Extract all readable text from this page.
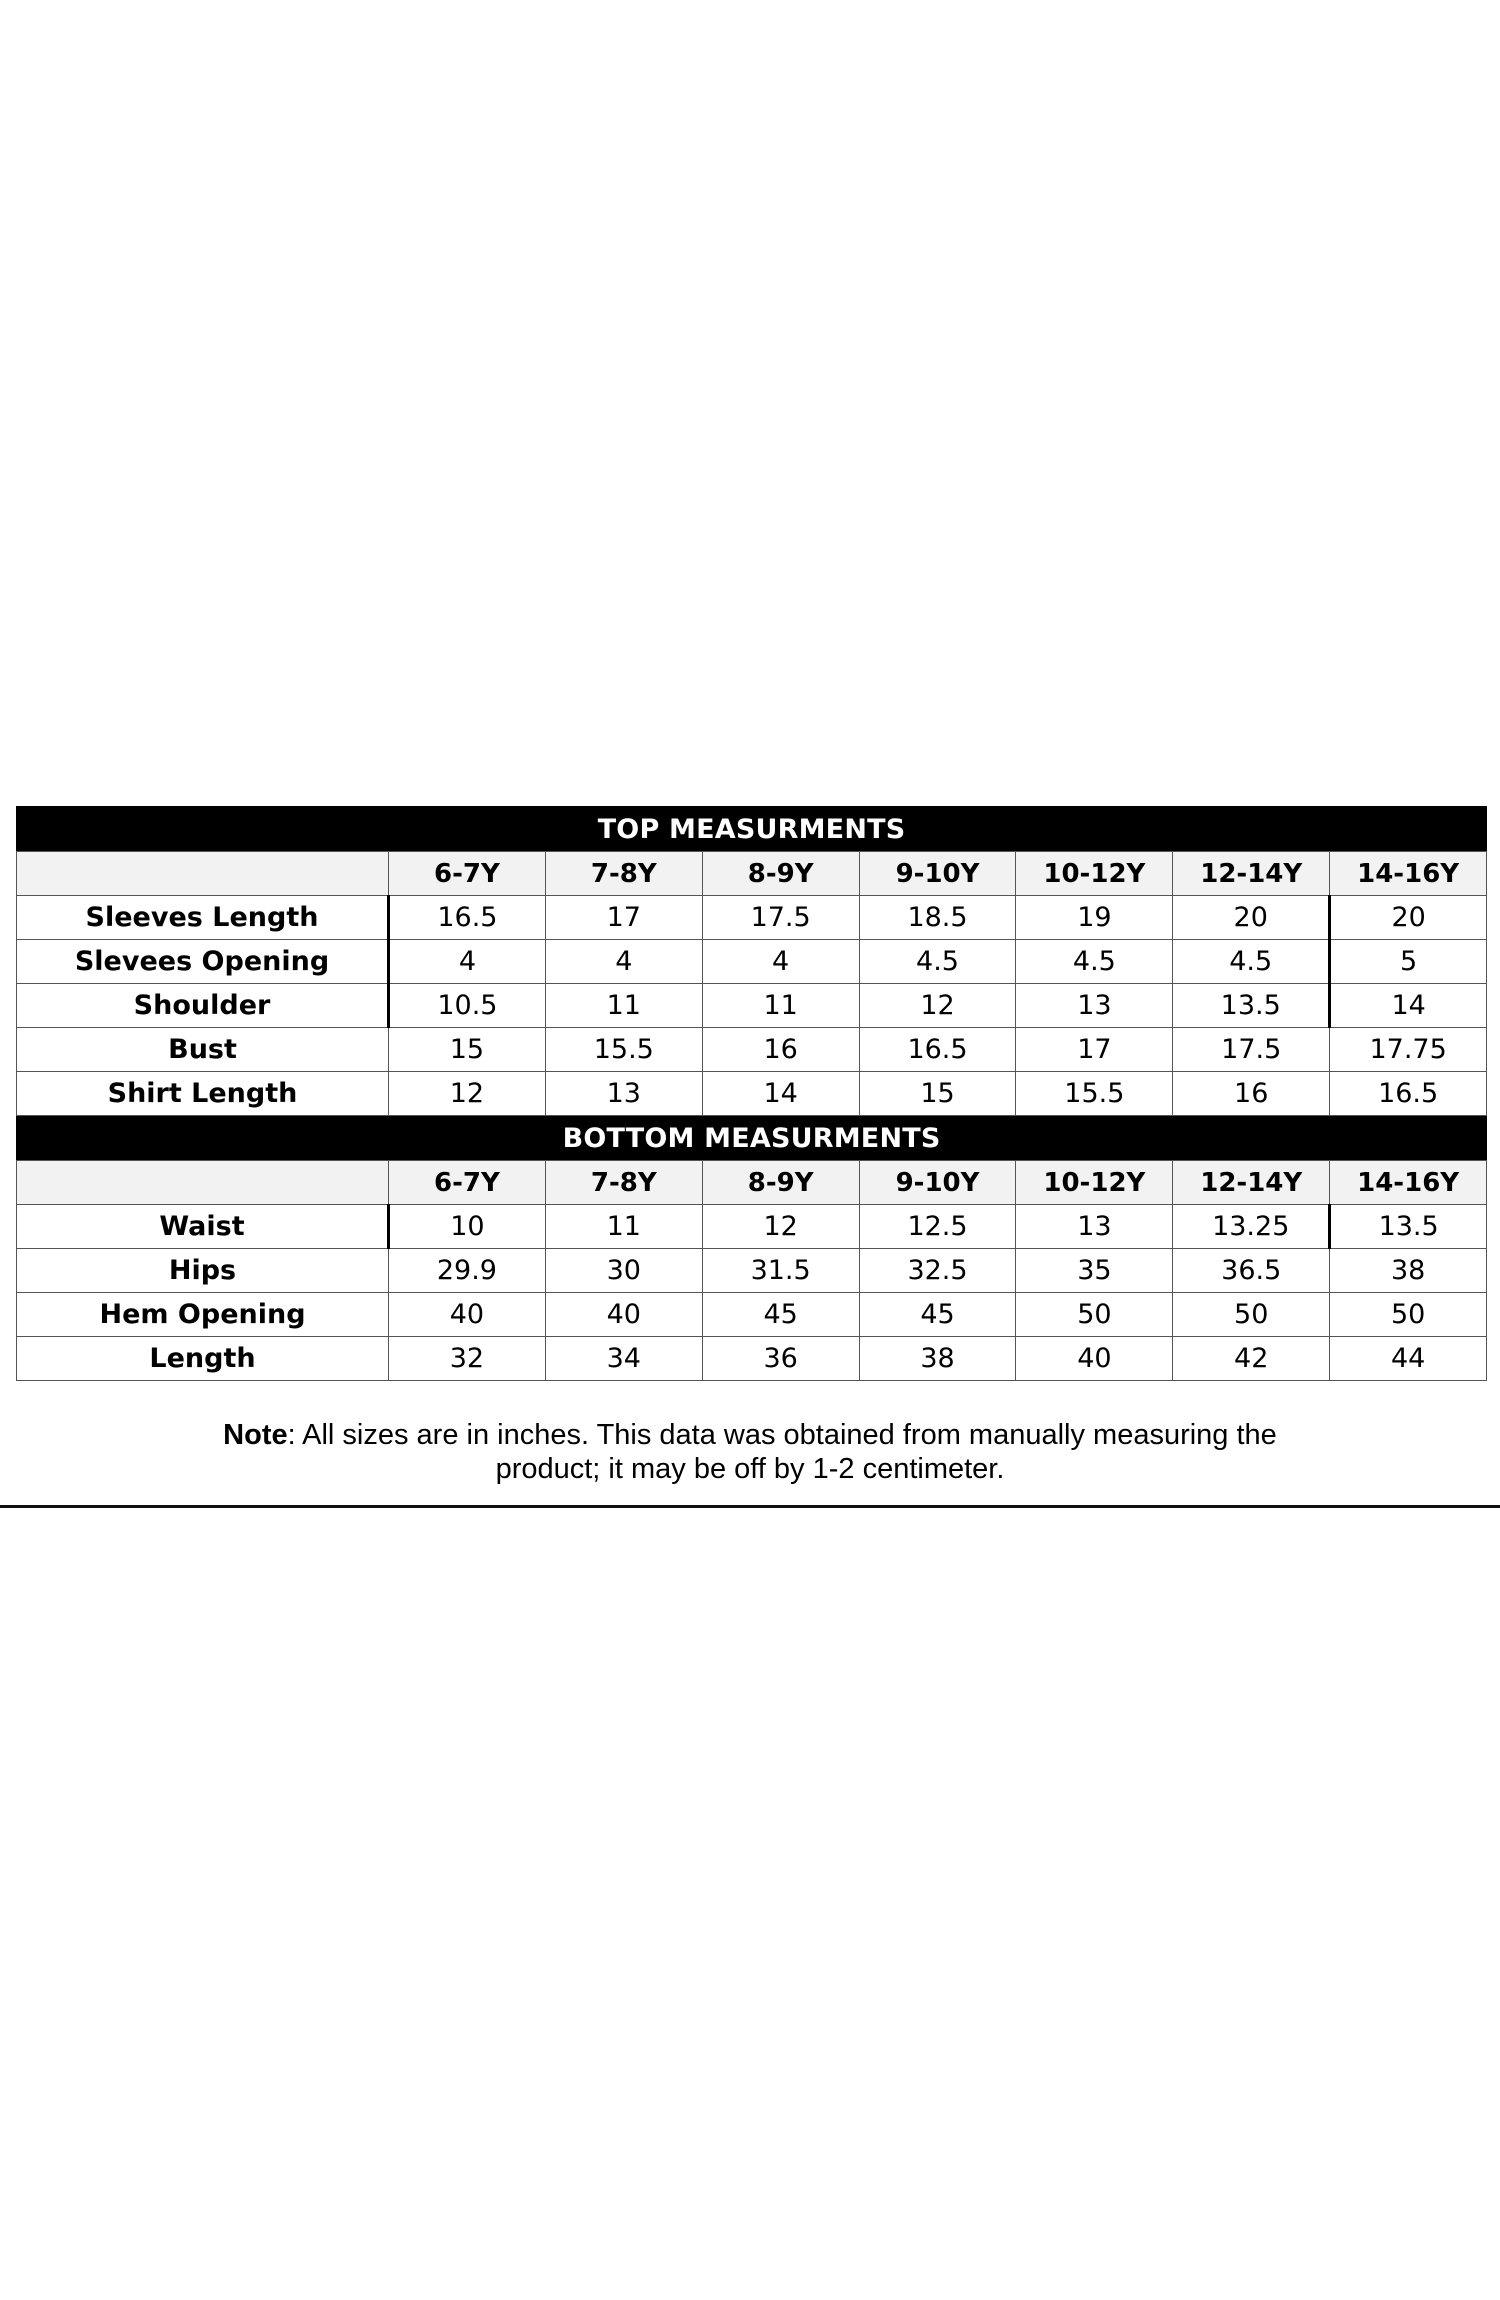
TOP MEASURMENTS							
	6-7Y	7-8Y	8-9Y	9-10Y	10-12Y	12-14Y	14-16Y
Sleeves Length	16.5	17	17.5	18.5	19	20	20
Slevees Opening	4	4	4	4.5	4.5	4.5	5
Shoulder	10.5	11	11	12	13	13.5	14
Bust	15	15.5	16	16.5	17	17.5	17.75
Shirt Length	12	13	14	15	15.5	16	16.5
BOTTOM MEASURMENTS							
	6-7Y	7-8Y	8-9Y	9-10Y	10-12Y	12-14Y	14-16Y
Waist	10	11	12	12.5	13	13.25	13.5
Hips	29.9	30	31.5	32.5	35	36.5	38
Hem Opening	40	40	45	45	50	50	50
Length	32	34	36	38	40	42	44
Note: All sizes are in inches. This data was obtained from manually measuring the
product; it may be off by 1-2 centimeter.
